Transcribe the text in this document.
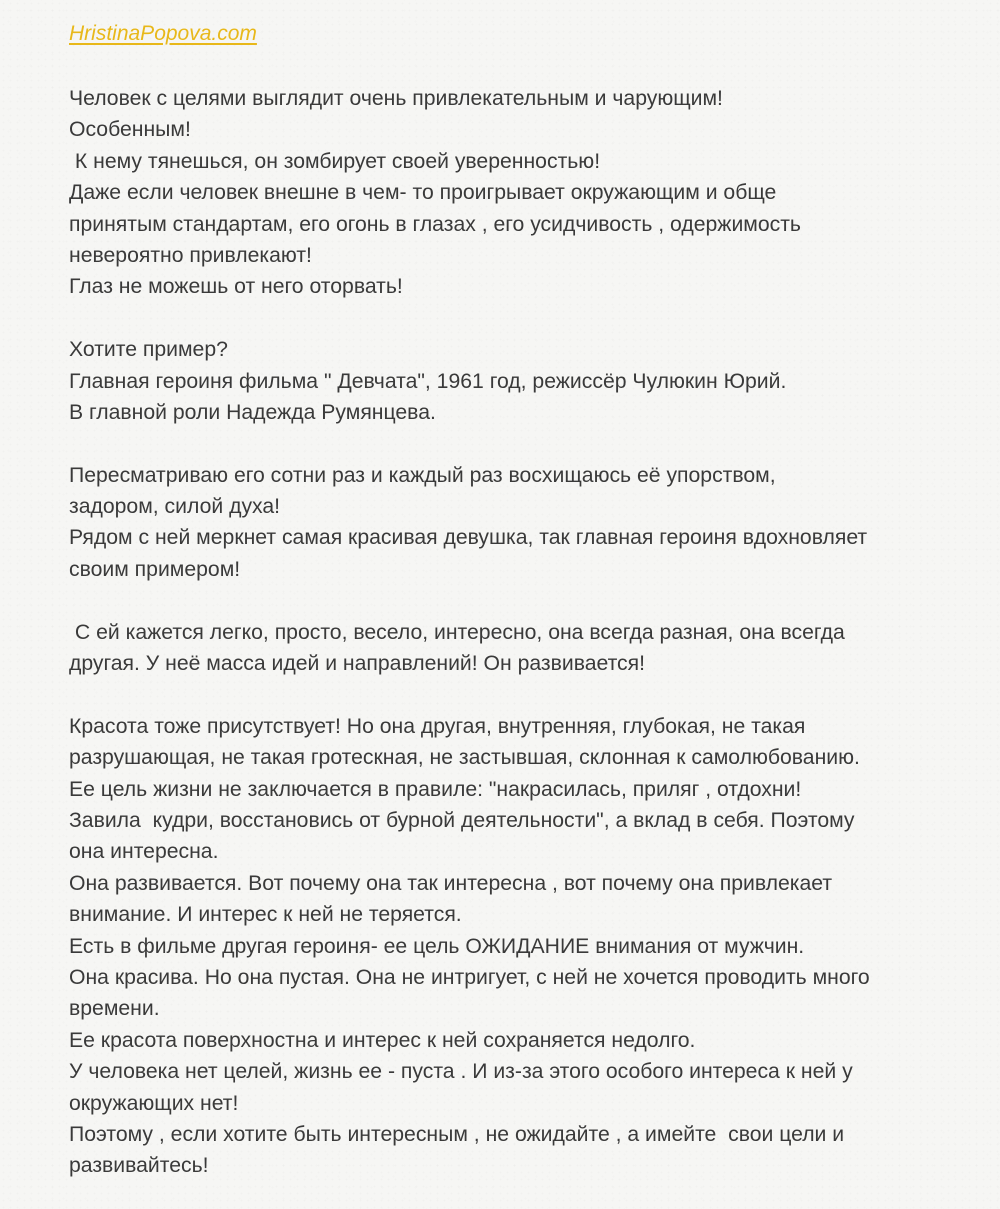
HristinaPopova.com
Человек с целями выглядит очень привлекательным и чарующим!
Особенным!
К нему тянешься, он зомбирует своей уверенностью!
Даже если человек внешне в чем- то проигрывает окружающим и обще
принятым стандартам, его огонь в глазах , его усидчивость , одержимость
невероятно привлекают!
Глаз не можешь от него оторвать!
Хотите пример?
Главная героиня фильма " Девчата", 1961 год, режиссёр Чулюкин Юрий.
В главной роли Надежда Румянцева.
Пересматриваю его сотни раз и каждый раз восхищаюсь её упорством,
задором, силой духа!
Рядом с ней меркнет самая красивая девушка, так главная героиня вдохновляет
своим примером!
С ей кажется легко, просто, весело, интересно, она всегда разная, она всегда
другая. У неё масса идей и направлений! Он развивается!
Красота тоже присутствует! Но она другая, внутренняя, глубокая, не такая
разрушающая, не такая гротескная, не застывшая, склонная к самолюбованию.
Ее цель жизни не заключается в правиле: "накрасилась, приляг , отдохни!
Завила  кудри, восстановись от бурной деятельности", а вклад в себя. Поэтому
она интересна.
Она развивается. Вот почему она так интересна , вот почему она привлекает
внимание. И интерес к ней не теряется.
Есть в фильме другая героиня- ее цель ОЖИДАНИЕ внимания от мужчин.
Она красива. Но она пустая. Она не интригует, с ней не хочется проводить много
времени.
Ее красота поверхностна и интерес к ней сохраняется недолго.
У человека нет целей, жизнь ее - пуста . И из-за этого особого интереса к ней у
окружающих нет!
Поэтому , если хотите быть интересным , не ожидайте , а имейте  свои цели и
развивайтесь!
